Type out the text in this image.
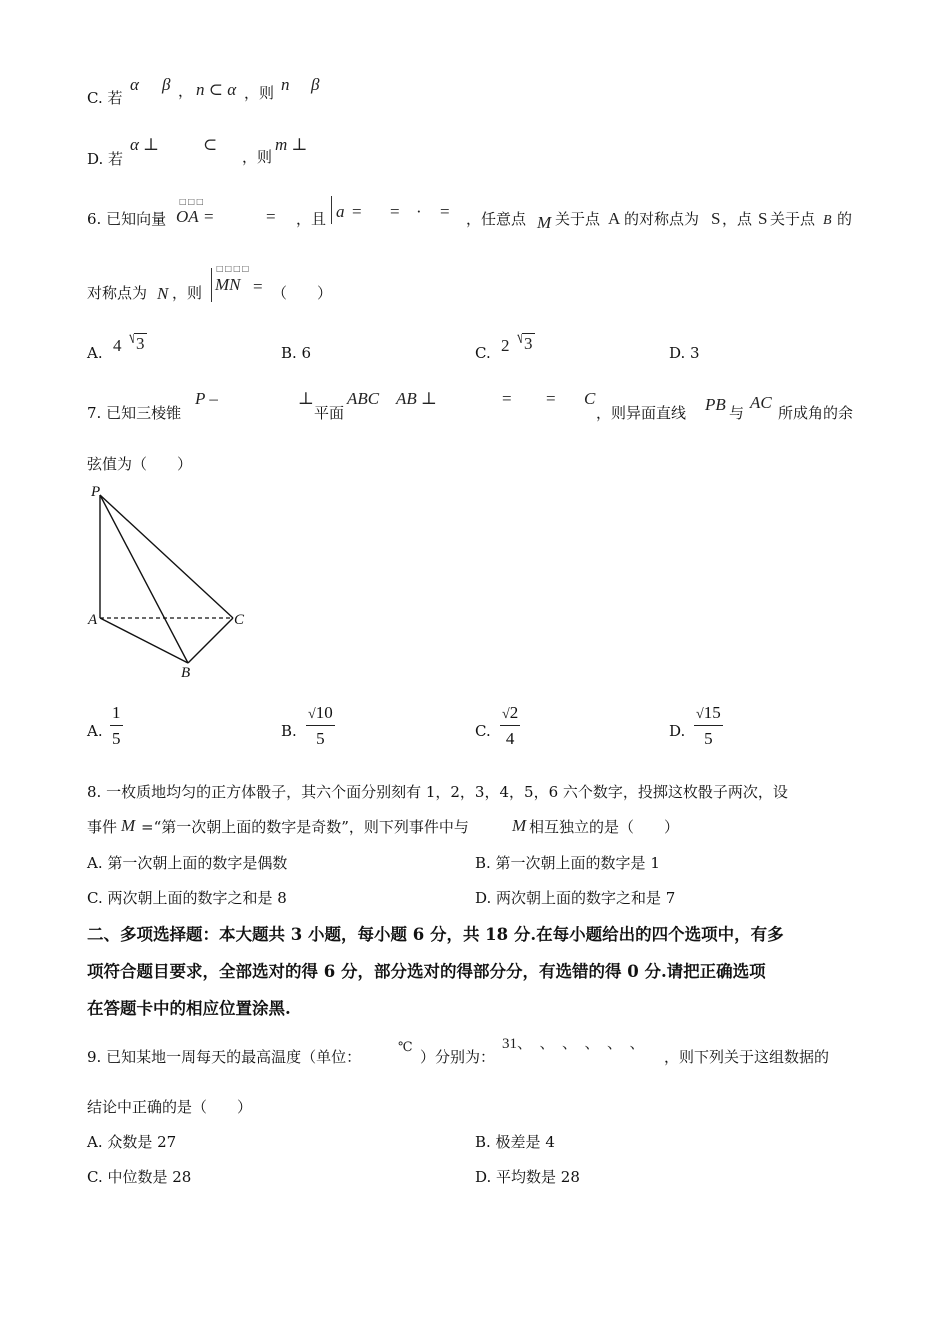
C. 若
α β ， n ⊂ α ，则 n β
D. 若
α ⊥	⊂
，则
m ⊥
6. 已知向量
□□□
OA =	= ，且 a = = · = ，任意点 M 关于点 A 的对称点为 S ，点 S 关于点 B 的
对称点为 N ，则
□□□□
MN = （　　）
A. 4 ⎷ 3	B. 6	C. 2 ⎷ 3	D. 3
7. 已知三棱锥
P –	⊥
平面
ABC AB ⊥	= = C
，则异面直线 PB 与
AC
所成角的余
弦值为（　　）
P
A	C
B
A. $\frac{1}{5}$	B. $\frac{√10}{5}$	C. $\frac{√2}{4}$	D. $\frac{√15}{5}$
8. 一枚质地均匀的正方体骰子，其六个面分别刻有 1，2，3，4，5，6 六个数字，投掷这枚骰子两次，设
事件 M =“第一次朝上面的数字是奇数”，则下列事件中与	M 相互独立的是（　　）
A. 第一次朝上面的数字是偶数	B. 第一次朝上面的数字是 1
C. 两次朝上面的数字之和是 8	D. 两次朝上面的数字之和是 7
二、多项选择题：本大题共 3 小题，每小题 6 分，共 18 分.在每小题给出的四个选项中，有多
项符合题目要求，全部选对的得 6 分，部分选对的得部分分，有选错的得 0 分.请把正确选项
在答题卡中的相应位置涂黑.
9. 已知某地一周每天的最高温度（单位：
℃
）分别为：
31、　、　、　、　、　、
，则下列关于这组数据的
结论中正确的是（　　）
A. 众数是 27	B. 极差是 4
C. 中位数是 28	D. 平均数是 28
